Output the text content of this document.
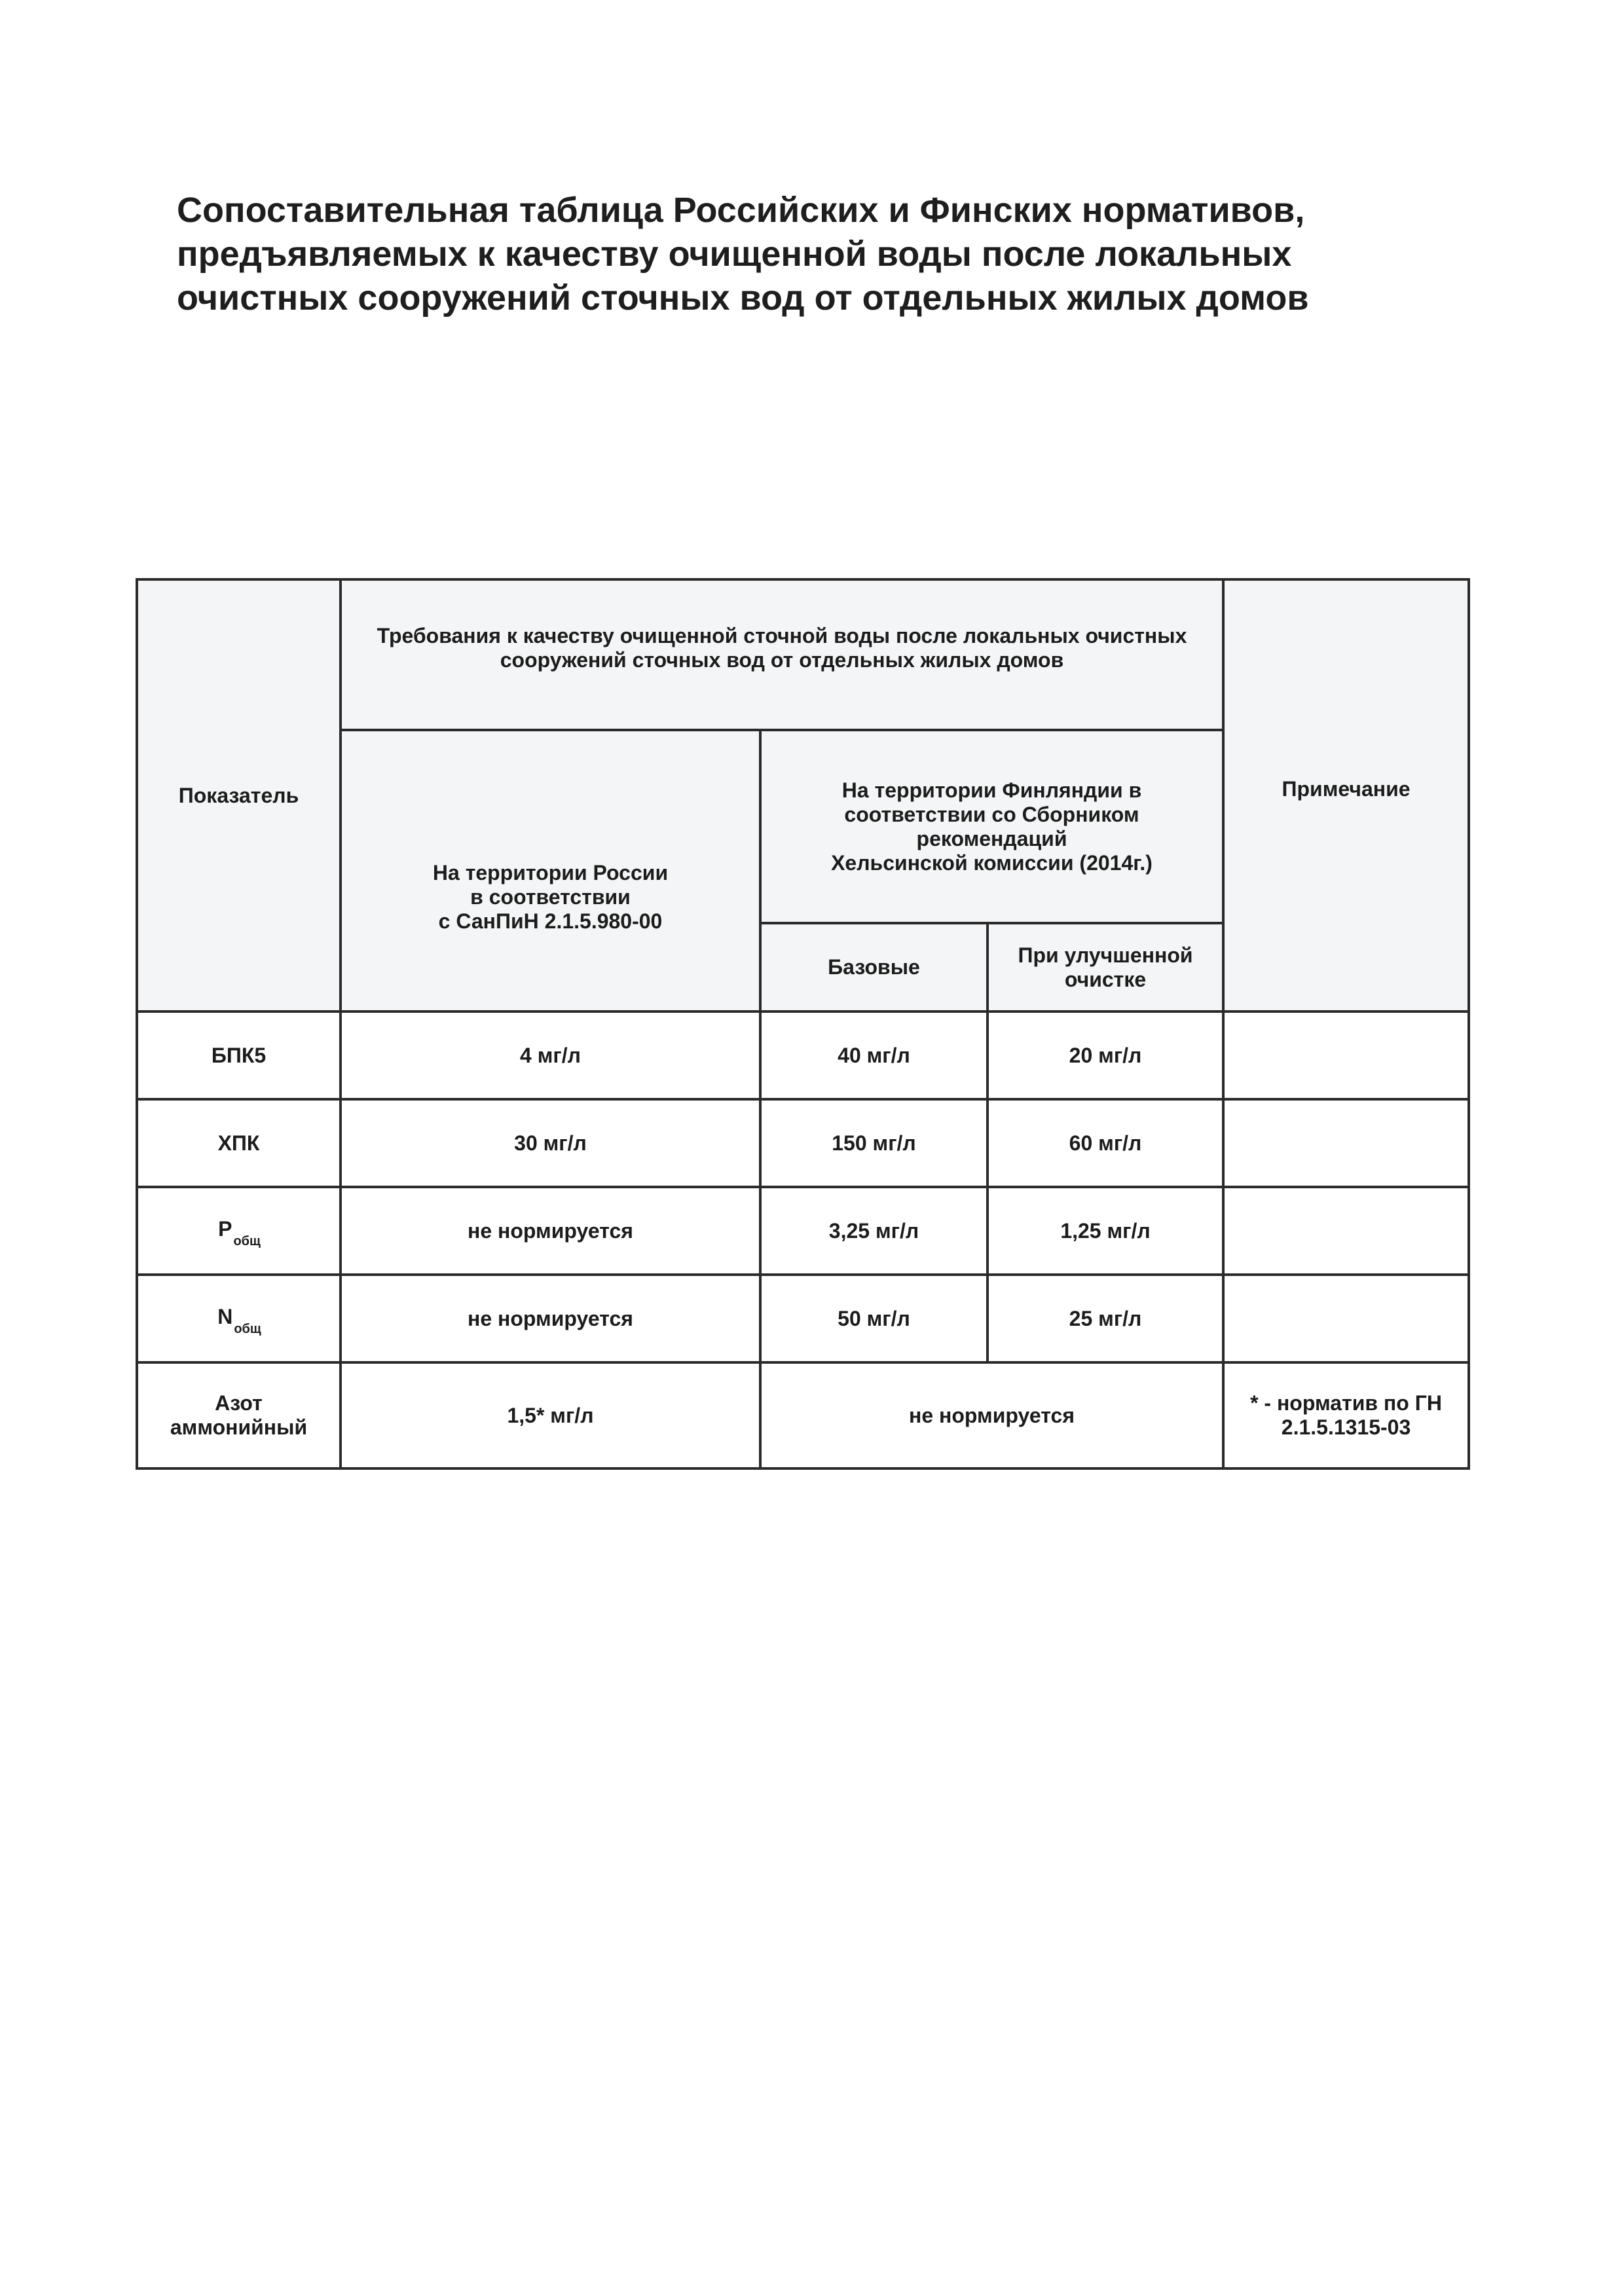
Сопоставительная таблица Российских и Финских нормативов,
предъявляемых к качеству очищенной воды после локальных
очистных сооружений сточных вод от отдельных жилых домов
Показатель	Требования к качеству очищенной сточной воды после локальных очистных сооружений сточных вод от отдельных жилых домов			Примечание
	На территории России
в соответствии
с СанПиН 2.1.5.980-00	На территории Финляндии в
соответствии со Сборником
рекомендаций
Хельсинской комиссии (2014г.)		
		Базовые	При улучшенной
очистке	
БПК5	4 мг/л	40 мг/л	20 мг/л	
ХПК	30 мг/л	150 мг/л	60 мг/л	
$P_{общ}$	не нормируется	3,25 мг/л	1,25 мг/л	
$N_{общ}$	не нормируется	50 мг/л	25 мг/л	
Азот
аммонийный	1,5* мг/л	не нормируется		* - норматив по ГН
2.1.5.1315-03
